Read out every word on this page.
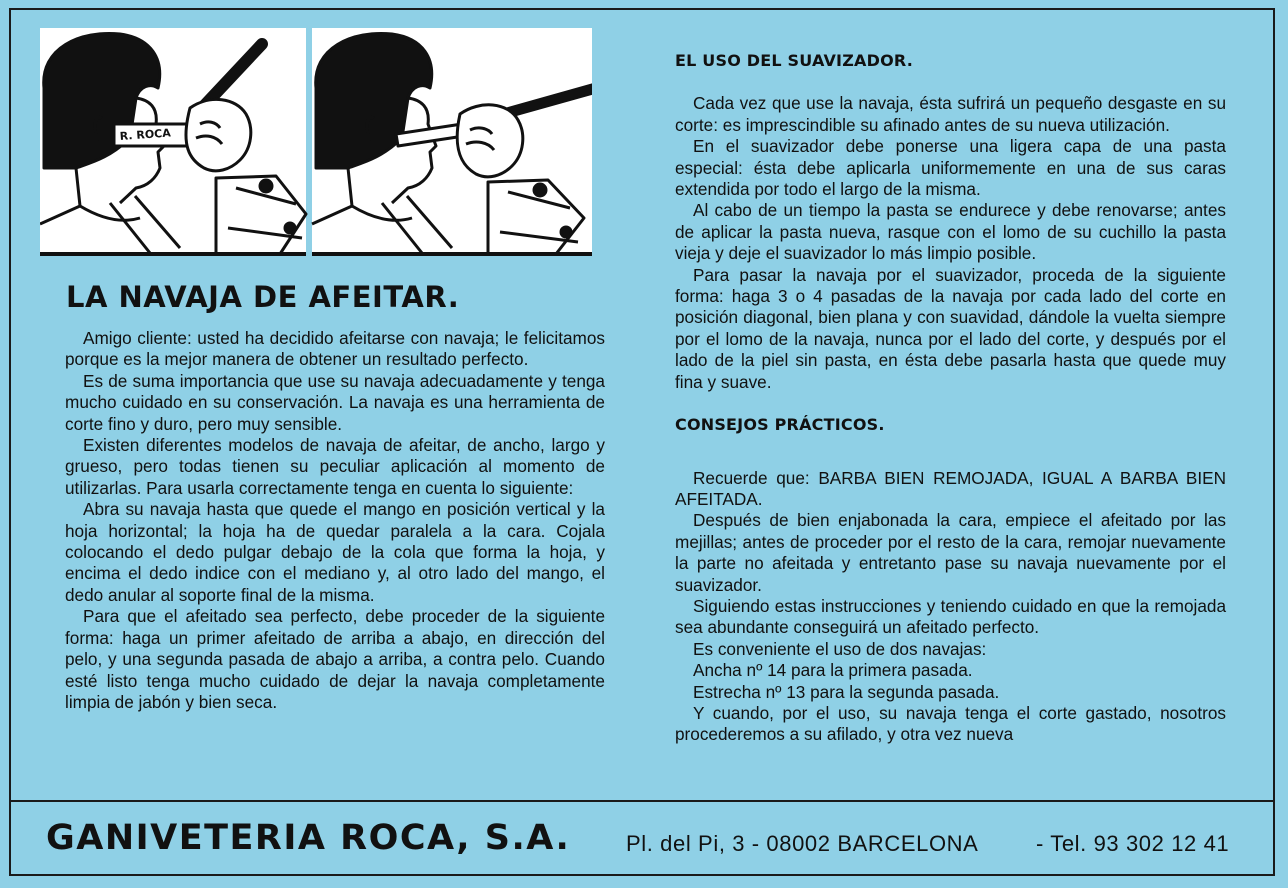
R. ROCA
LA NAVAJA DE AFEITAR.

Amigo cliente: usted ha decidido afeitarse con navaja; le felicitamos porque es la mejor manera de obtener un resultado perfecto.

Es de suma importancia que use su navaja adecuadamente y tenga mucho cuidado en su conservación. La navaja es una herramienta de corte fino y duro, pero muy sensible.

Existen diferentes modelos de navaja de afeitar, de ancho, largo y grueso, pero todas tienen su peculiar aplicación al momento de utilizarlas. Para usarla correctamente tenga en cuenta lo siguiente:

Abra su navaja hasta que quede el mango en posición vertical y la hoja horizontal; la hoja ha de quedar paralela a la cara. Cojala colocando el dedo pulgar debajo de la cola que forma la hoja, y encima el dedo indice con el mediano y, al otro lado del mango, el dedo anular al soporte final de la misma.

Para que el afeitado sea perfecto, debe proceder de la siguiente forma: haga un primer afeitado de arriba a abajo, en dirección del pelo, y una segunda pasada de abajo a arriba, a contra pelo. Cuando esté listo tenga mucho cuidado de dejar la navaja completamente limpia de jabón y bien seca.

EL USO DEL SUAVIZADOR.

Cada vez que use la navaja, ésta sufrirá un pequeño desgaste en su corte: es imprescindible su afinado antes de su nueva utilización.

En el suavizador debe ponerse una ligera capa de una pasta especial: ésta debe aplicarla uniformemente en una de sus caras extendida por todo el largo de la misma.

Al cabo de un tiempo la pasta se endurece y debe renovarse; antes de aplicar la pasta nueva, rasque con el lomo de su cuchillo la pasta vieja y deje el suavizador lo más limpio posible.

Para pasar la navaja por el suavizador, proceda de la siguiente forma: haga 3 o 4 pasadas de la navaja por cada lado del corte en posición diagonal, bien plana y con suavidad, dándole la vuelta siempre por el lomo de la navaja, nunca por el lado del corte, y después por el lado de la piel sin pasta, en ésta debe pasarla hasta que quede muy fina y suave.

CONSEJOS PRÁCTICOS.

Recuerde que: BARBA BIEN REMOJADA, IGUAL A BARBA BIEN AFEITADA.

Después de bien enjabonada la cara, empiece el afeitado por las mejillas; antes de proceder por el resto de la cara, remojar nuevamente la parte no afeitada y entretanto pase su navaja nuevamente por el suavizador.

Siguiendo estas instrucciones y teniendo cuidado en que la remojada sea abundante conseguirá un afeitado perfecto.

Es conveniente el uso de dos navajas:

Ancha nº 14 para la primera pasada.

Estrecha nº 13 para la segunda pasada.

Y cuando, por el uso, su navaja tenga el corte gastado, nosotros procederemos a su afilado, y otra vez nueva

GANIVETERIA ROCA, S.A.	Pl. del Pi, 3 - 08002 BARCELONA	- Tel. 93 302 12 41
